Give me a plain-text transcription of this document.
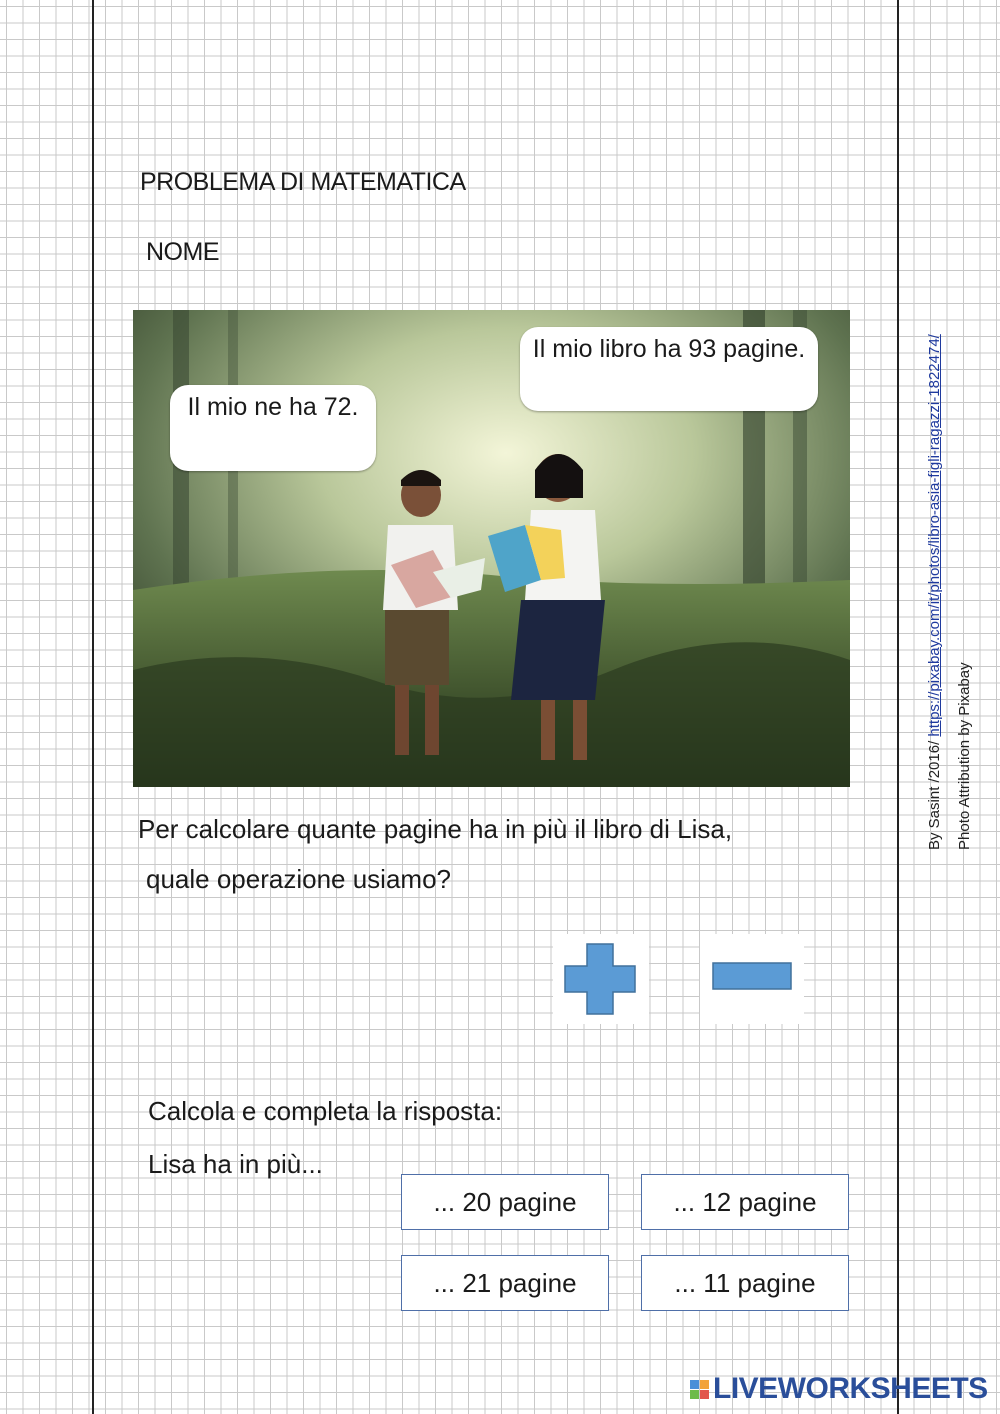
PROBLEMA DI MATEMATICA
NOME
Il mio ne ha 72.
Il mio libro ha 93 pagine.
Per calcolare quante pagine ha in più il libro di Lisa,
quale operazione usiamo?
Calcola e completa la risposta:
Lisa ha in più...
... 20 pagine	... 12 pagine
... 21 pagine	... 11 pagine
By Sasint /2016/ https://pixabay.com/it/photos/libro-asia-figli-ragazzi-1822474/
Photo Attribution by Pixabay
LIVEWORKSHEETS
